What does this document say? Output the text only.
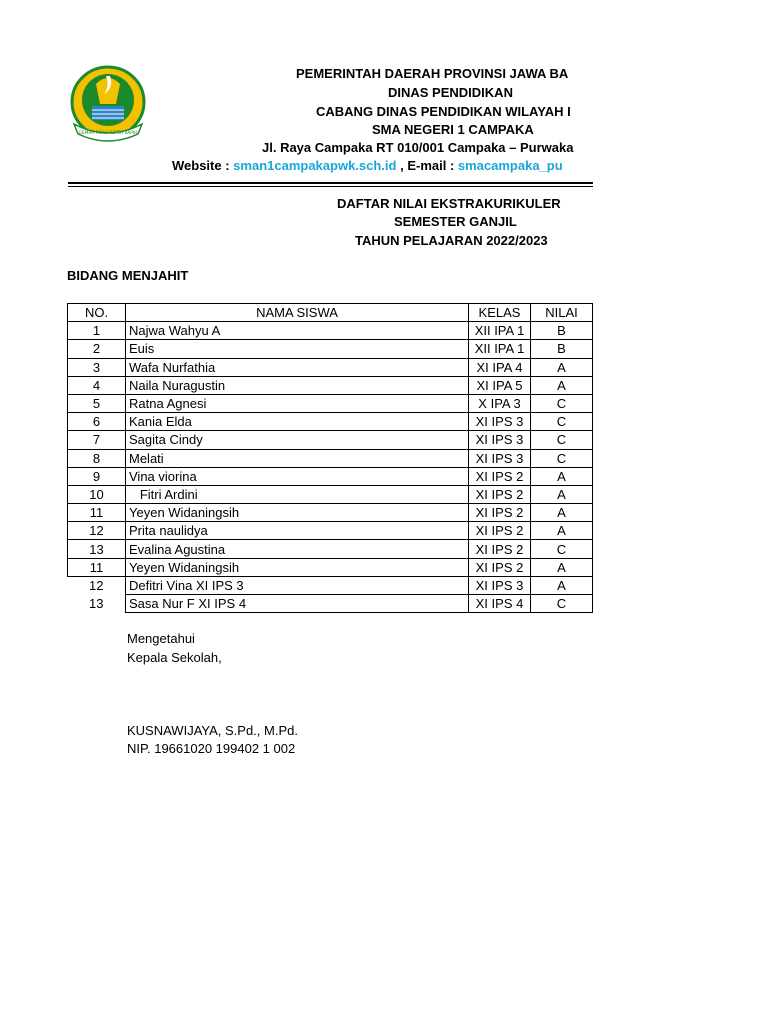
GEMAH RIPAH REPEH RAPIH
PEMERINTAH DAERAH PROVINSI JAWA BA
DINAS PENDIDIKAN
CABANG DINAS PENDIDIKAN WILAYAH I
SMA NEGERI 1 CAMPAKA
Jl. Raya Campaka RT 010/001 Campaka – Purwaka
Website : sman1campakapwk.sch.id , E-mail : smacampaka_pu
DAFTAR NILAI EKSTRAKURIKULER
SEMESTER GANJIL
TAHUN PELAJARAN 2022/2023
BIDANG MENJAHIT
NO.	NAMA SISWA	KELAS	NILAI
1	Najwa Wahyu A	XII IPA 1	B
2	Euis	XII IPA 1	B
3	Wafa Nurfathia	XI IPA 4	A
4	Naila Nuragustin	XI IPA 5	A
5	Ratna Agnesi	X IPA 3	C
6	Kania Elda	XI IPS 3	C
7	Sagita Cindy	XI IPS 3	C
8	Melati	XI IPS 3	C
9	Vina viorina	XI IPS 2	A
10	Fitri Ardini	XI IPS 2	A
11	Yeyen Widaningsih	XI IPS 2	A
12	Prita naulidya	XI IPS 2	A
13	Evalina Agustina	XI IPS 2	C
11	Yeyen Widaningsih	XI IPS 2	A
12	Defitri Vina XI IPS 3	XI IPS 3	A
13	Sasa Nur F XI IPS 4	XI IPS 4	C
Mengetahui
Kepala Sekolah,
KUSNAWIJAYA, S.Pd., M.Pd.
NIP. 19661020 199402 1 002
